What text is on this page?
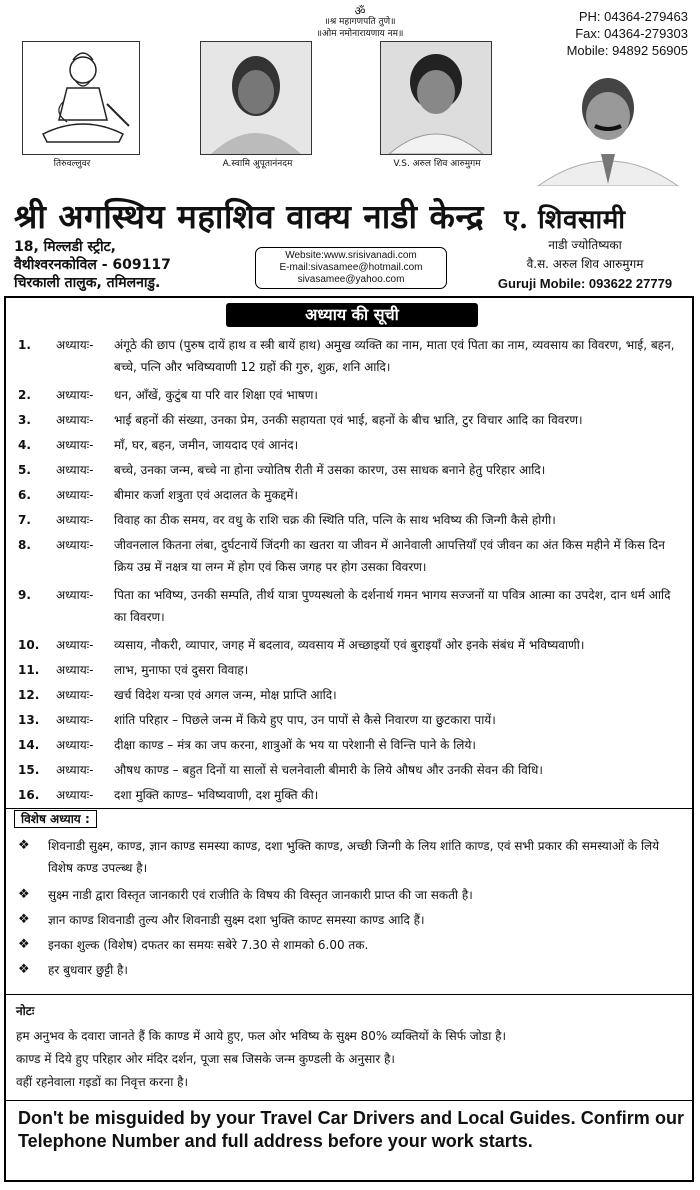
ॐ
॥श्र महागणपति तुणे॥
॥ओम नमोनारायणाय नम॥
PH: 04364-279463
Fax: 04364-279303
Mobile: 94892 56905
तिरुवल्लुवर	A.स्वामि अुपूतानंनदम	V.S. अरुल शिव आरुमुगम
श्री अगस्थिय महाशिव वाक्य नाडी केन्द्र ए. शिवसामी
18, मिल्लडी स्ट्रीट,
वैथीश्वरनकोविल - 609117
चिरकाली तालुक, तमिलनाडु.
Website:www.srisivanadi.com
E-mail:sivasamee@hotmail.com
sivasamee@yahoo.com
नाडी ज्योतिष्यका
वै.स. अरुल शिव आरुमुगम
Guruji Mobile: 093622 27779
अध्याय की सूची
1.	अध्यायः-	अंगूठे की छाप (पुरुष दायें हाथ व स्त्री बायें हाथ) अमुख व्यक्ति का नाम, माता एवं पिता का नाम, व्यवसाय का विवरण, भाई, बहन, बच्चे, पत्नि और भविष्यवाणी 12 ग्रहों की गुरु, शुक्र, शनि आदि।
2.	अध्यायः-	धन, आँखें, कुटुंब या परि वार शिक्षा एवं भाषण।
3.	अध्यायः-	भाई बहनों की संख्या, उनका प्रेम, उनकी सहायता एवं भाई, बहनों के बीच भ्राति, टुर विचार आदि का विवरण।
4.	अध्यायः-	माँ, घर, बहन, जमीन, जायदाद एवं आनंद।
5.	अध्यायः-	बच्चे, उनका जन्म, बच्चे ना होना ज्योतिष रीती में उसका कारण, उस साधक बनाने हेतु परिहार आदि।
6.	अध्यायः-	बीमार कर्जा शत्रुता एवं अदालत के मुकद्दमें।
7.	अध्यायः-	विवाह का ठीक समय, वर वधु के राशि चक्र की स्थिति पति, पत्नि के साथ भविष्य की जिन्गी कैसे होगी।
8.	अध्यायः-	जीवनलाल कितना लंबा, दुर्घटनायें जिंदगी का खतरा या जीवन में आनेवाली आपत्तियाँ एवं जीवन का अंत किस महीने में किस दिन क्रिय उम्र में नक्षत्र या लग्न में होग एवं किस जगह पर होग उसका विवरण।
9.	अध्यायः-	पिता का भविष्य, उनकी सम्पति, तीर्थ यात्रा पुण्यस्थलो के दर्शनार्थ गमन भागय सज्जनों या पवित्र आत्मा का उपदेश, दान धर्म आदि का विवरण।
10.	अध्यायः-	व्यसाय, नौकरी, व्यापार, जगह में बदलाव, व्यवसाय में अच्छाइयों एवं बुराइयाँ ओर इनके संबंध में भविष्यवाणी।
11.	अध्यायः-	लाभ, मुनाफा एवं दुसरा विवाह।
12.	अध्यायः-	खर्च विदेश यन्त्रा एवं अगल जन्म, मोक्ष प्राप्ति आदि।
13.	अध्यायः-	शांति परिहार – पिछले जन्म में किये हुए पाप, उन पापों से कैसे निवारण या छुटकारा पायें।
14.	अध्यायः-	दीक्षा काण्ड – मंत्र का जप करना, शात्रुओं के भय या परेशानी से विन्त्ति पाने के लिये।
15.	अध्यायः-	औषध काण्ड – बहुत दिनों या सालों से चलनेवाली बीमारी के लिये औषध और उनकी सेवन की विधि।
16.	अध्यायः-	दशा मुक्ति काण्ड– भविष्यवाणी, दश मुक्ति की।
विशेष अध्याय :
❖	शिवनाडी सुक्ष्म, काण्ड, ज्ञान काण्ड समस्या काण्ड, दशा भुक्ति काण्ड, अच्छी जिन्गी के लिय शांति काण्ड, एवं सभी प्रकार की समस्याओं के लिये विशेष कण्ड उपल्ब्ध है।
❖	सुक्ष्म नाडी द्वारा विस्तृत जानकारी एवं राजीति के विषय की विस्तृत जानकारी प्राप्त की जा सकती है।
❖	ज्ञान काण्ड शिवनाडी तुल्य और शिवनाडी सुक्ष्म दशा भुक्ति काण्ट समस्या काण्ड आदि हैं।
❖	इनका शुल्क (विशेष) दफतर का समयः सबेरे 7.30 से शामको 6.00 तक.
❖	हर बुधवार छुट्टी है।
नोटः
हम अनुभव के दवारा जानते हैं कि काण्ड में आये हुए, फल ओर भविष्य के सुक्ष्म 80% व्यक्तियों के सिर्फ जोडा है।
काण्ड में दिये हुए परिहार ओर मंदिर दर्शन, पूजा सब जिसके जन्म कुण्डली के अनुसार है।
वहीं रहनेवाला गइडों का निवृत्त करना है।
Don't be misguided by your Travel Car Drivers and Local Guides. Confirm our Telephone Number and full address before your work starts.
